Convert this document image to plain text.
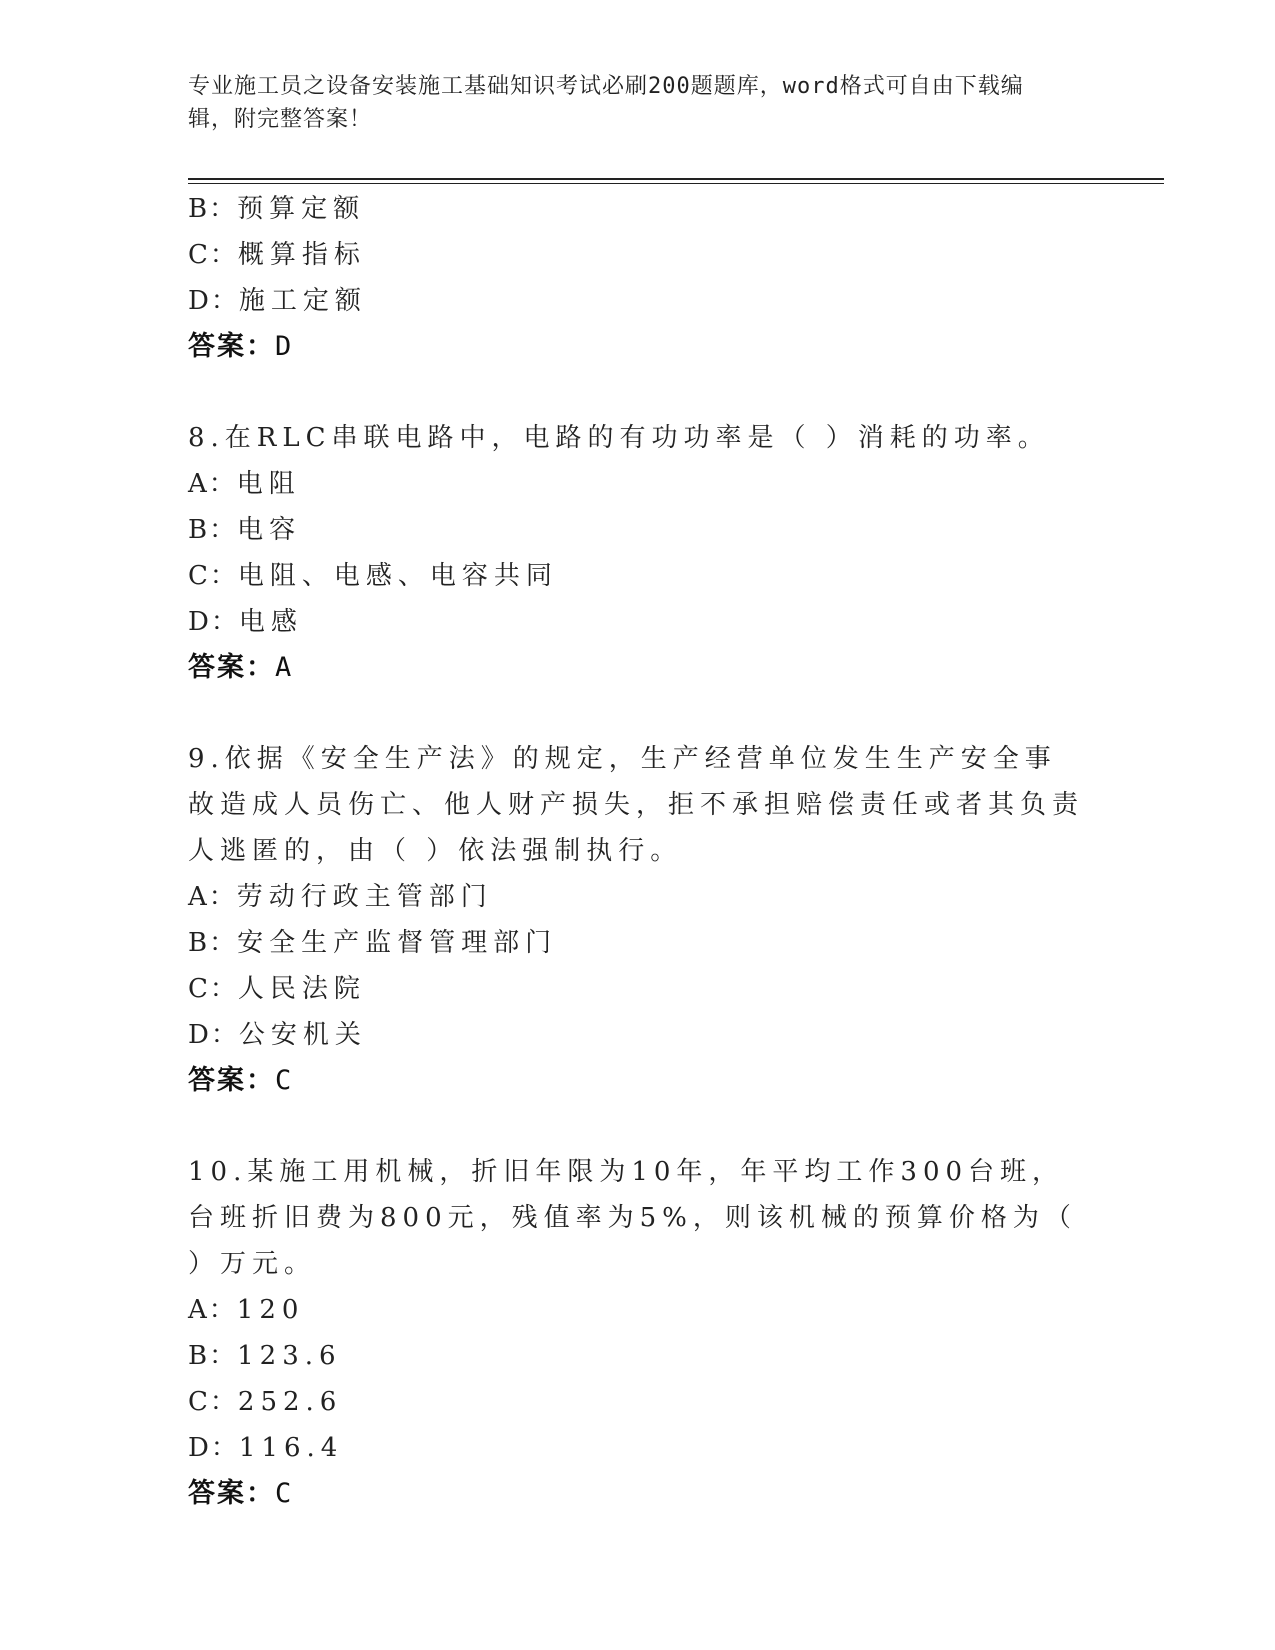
专业施工员之设备安装施工基础知识考试必刷200题题库，word格式可自由下载编辑，附完整答案！
B：预算定额
C：概算指标
D：施工定额
答案：D
8.在RLC串联电路中，电路的有功功率是（ ）消耗的功率。
A：电阻
B：电容
C：电阻、电感、电容共同
D：电感
答案：A
9.依据《安全生产法》的规定，生产经营单位发生生产安全事故造成人员伤亡、他人财产损失，拒不承担赔偿责任或者其负责人逃匿的，由（ ）依法强制执行。
A：劳动行政主管部门
B：安全生产监督管理部门
C：人民法院
D：公安机关
答案：C
10.某施工用机械，折旧年限为10年，年平均工作300台班，台班折旧费为800元，残值率为5%，则该机械的预算价格为（ ）万元。
A：120
B：123.6
C：252.6
D：116.4
答案：C
